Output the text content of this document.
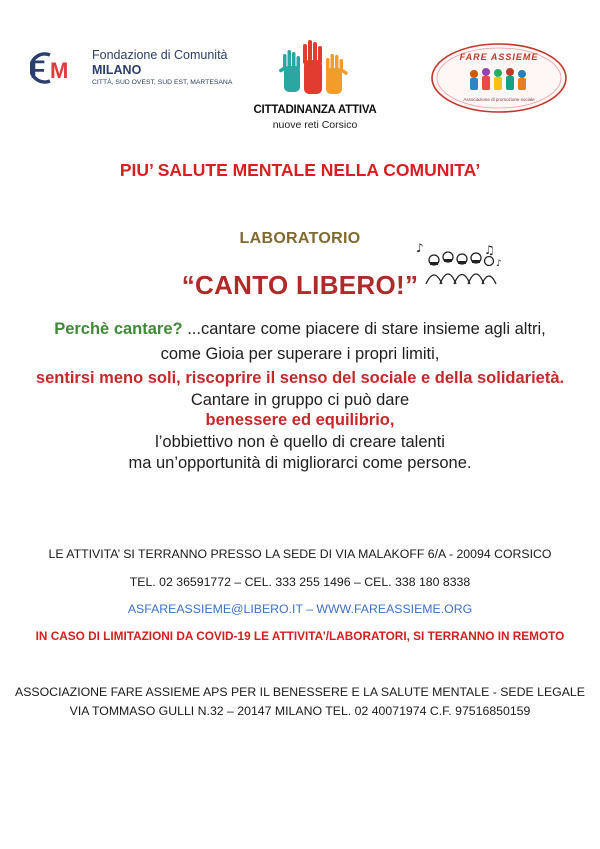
F M
Fondazione di Comunità
MILANO
CITTÀ, SUD OVEST, SUD EST, MARTESANA
CITTADINANZA ATTIVA
nuove reti Corsico
FARE ASSIEME
Associazione di promozione sociale
PIU’ SALUTE MENTALE NELLA COMUNITA’
LABORATORIO
♪	♫
♪
“CANTO LIBERO!”
Perchè cantare? ...cantare come piacere di stare insieme agli altri,
come Gioia per superare i propri limiti,
sentirsi meno soli, riscoprire il senso del sociale e della solidarietà.
Cantare in gruppo ci può dare
benessere ed equilibrio,
l’obbiettivo non è quello di creare talenti
ma un’opportunità di migliorarci come persone.
LE ATTIVITA’ SI TERRANNO PRESSO LA SEDE DI VIA MALAKOFF 6/A - 20094 CORSICO
TEL. 02 36591772 – CEL. 333 255 1496 – CEL. 338 180 8338
ASFAREASSIEME@LIBERO.IT – WWW.FAREASSIEME.ORG
IN CASO DI LIMITAZIONI DA COVID-19 LE ATTIVITA’/LABORATORI, SI TERRANNO IN REMOTO
ASSOCIAZIONE FARE ASSIEME APS PER IL BENESSERE E LA SALUTE MENTALE - SEDE LEGALE
VIA TOMMASO GULLI N.32 – 20147 MILANO TEL. 02 40071974 C.F. 97516850159
